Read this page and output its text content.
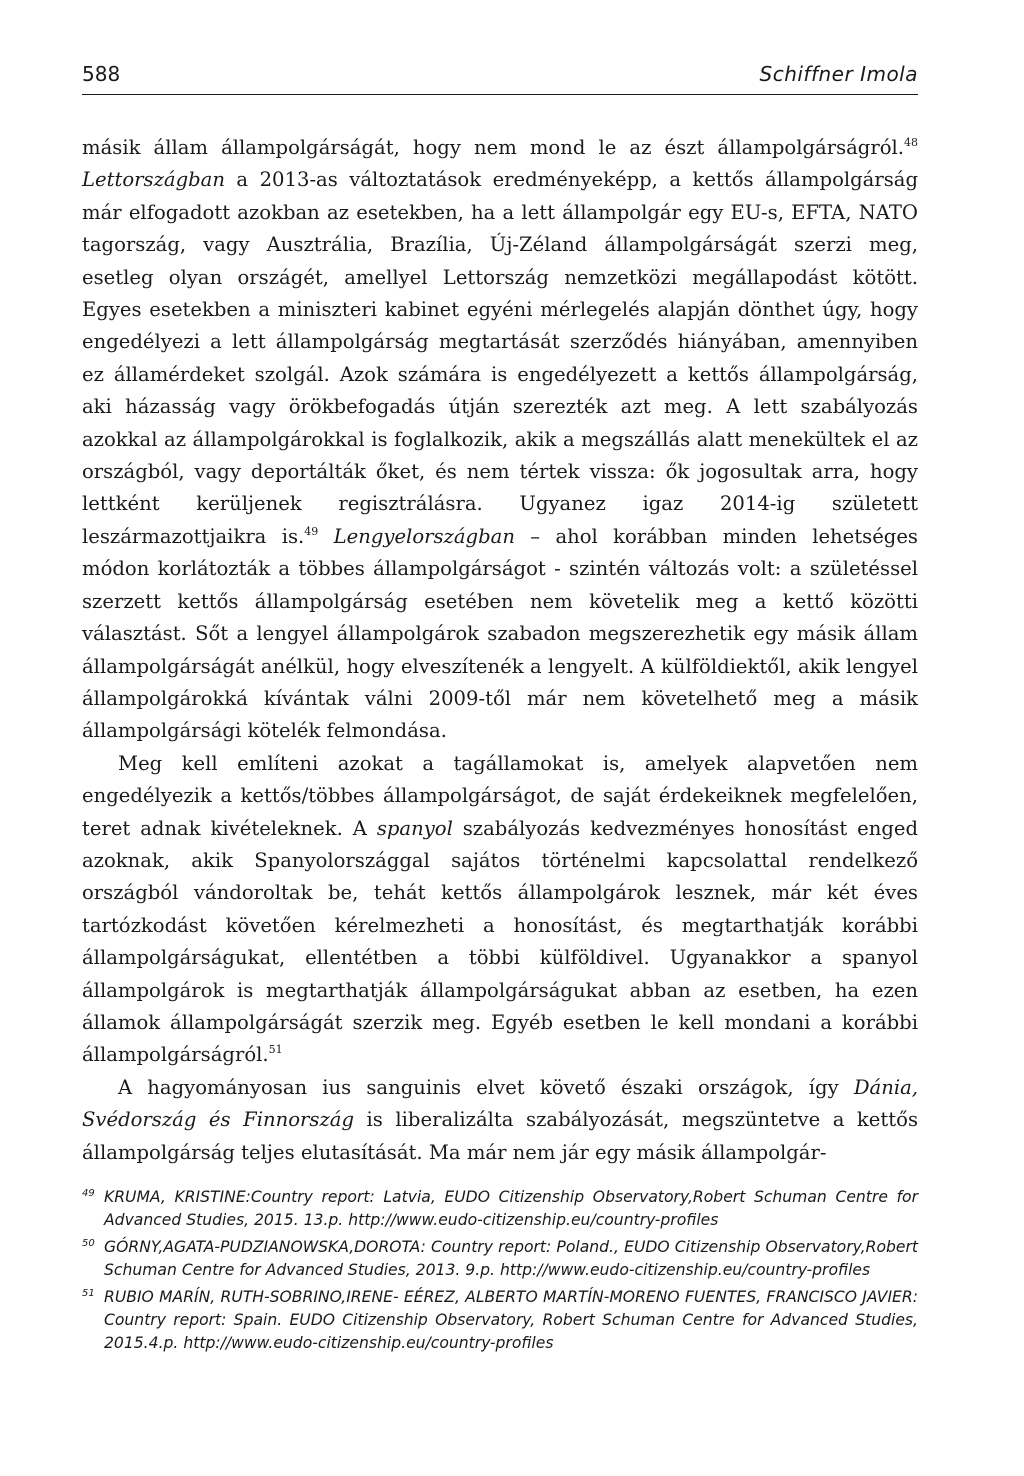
588	Schiffner Imola

másik állam állampolgárságát, hogy nem mond le az észt állampolgárságról.$^{48}$ Lettországban a 2013-as változtatások eredményeképp, a kettős állampolgárság már elfogadott azokban az esetekben, ha a lett állampolgár egy EU-s, EFTA, NATO tagország, vagy Ausztrália, Brazília, Új-Zéland állampolgárságát szerzi meg, esetleg olyan országét, amellyel Lettország nemzetközi megállapodást kötött. Egyes esetekben a miniszteri kabinet egyéni mérlegelés alapján dönthet úgy, hogy engedélyezi a lett állampolgárság megtartását szerződés hiányában, amennyiben ez államérdeket szolgál. Azok számára is engedélyezett a kettős állampolgárság, aki házasság vagy örökbefogadás útján szerezték azt meg. A lett szabályozás azokkal az állampolgárokkal is foglalkozik, akik a megszállás alatt menekültek el az országból, vagy deportálták őket, és nem tértek vissza: ők jogosultak arra, hogy lettként kerüljenek regisztrálásra. Ugyanez igaz 2014-ig született leszármazottjaikra is.$^{49}$ Lengyelországban – ahol korábban minden lehetséges módon korlátozták a többes állampolgárságot - szintén változás volt: a születéssel szerzett kettős állampolgárság esetében nem követelik meg a kettő közötti választást. Sőt a lengyel állampolgárok szabadon megszerezhetik egy másik állam állampolgárságát anélkül, hogy elveszítenék a lengyelt. A külföldiektől, akik lengyel állampolgárokká kívántak válni 2009-től már nem követelhető meg a másik állampolgársági kötelék felmondása.

Meg kell említeni azokat a tagállamokat is, amelyek alapvetően nem engedélyezik a kettős/többes állampolgárságot, de saját érdekeiknek megfelelően, teret adnak kivételeknek. A spanyol szabályozás kedvezményes honosítást enged azoknak, akik Spanyolországgal sajátos történelmi kapcsolattal rendelkező országból vándoroltak be, tehát kettős állampolgárok lesznek, már két éves tartózkodást követően kérelmezheti a honosítást, és megtarthatják korábbi állampolgárságukat, ellentétben a többi külföldivel. Ugyanakkor a spanyol állampolgárok is megtarthatják állampolgárságukat abban az esetben, ha ezen államok állampolgárságát szerzik meg. Egyéb esetben le kell mondani a korábbi állampolgárságról.$^{51}$

A hagyományosan ius sanguinis elvet követő északi országok, így Dánia, Svédország és Finnország is liberalizálta szabályozását, megszüntetve a kettős állampolgárság teljes elutasítását. Ma már nem jár egy másik állampolgár-

49 KRUMA, KRISTINE:Country report: Latvia, EUDO Citizenship Observatory,Robert Schuman Centre for Advanced Studies, 2015. 13.p. http://www.eudo-citizenship.eu/country-profiles
50 GÓRNY,AGATA-PUDZIANOWSKA,DOROTA: Country report: Poland., EUDO Citizenship Observatory,Robert Schuman Centre for Advanced Studies, 2013. 9.p. http://www.eudo-citizenship.eu/country-profiles
51 RUBIO MARÍN, RUTH-SOBRINO,IRENE- EÉREZ, ALBERTO MARTÍN-MORENO FUENTES, FRANCISCO JAVIER: Country report: Spain. EUDO Citizenship Observatory, Robert Schuman Centre for Advanced Studies, 2015.4.p. http://www.eudo-citizenship.eu/country-profiles
